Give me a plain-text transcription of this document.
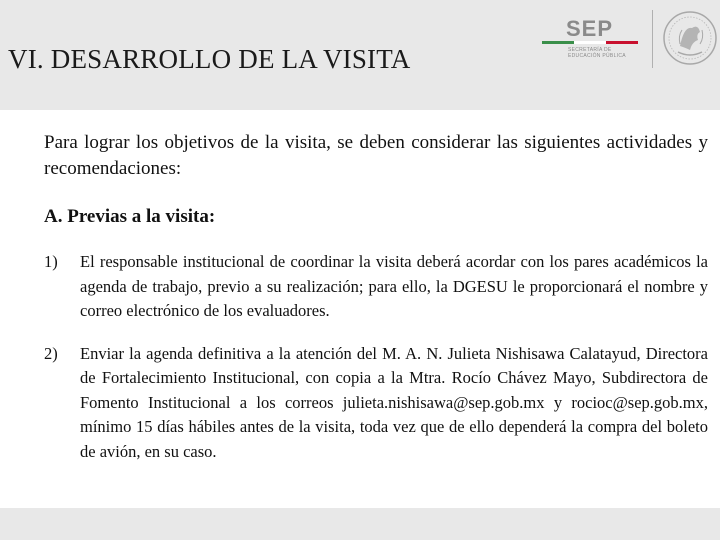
VI. DESARROLLO DE LA VISITA
SEP
SECRETARÍA DE
EDUCACIÓN PÚBLICA

Para lograr los objetivos de la visita, se deben considerar las siguientes actividades y recomendaciones:

A. Previas a la visita:

1) El responsable institucional de coordinar la visita deberá acordar con los pares académicos la agenda de trabajo, previo a su realización; para ello, la DGESU le proporcionará el nombre y correo electrónico de los evaluadores.
2) Enviar la agenda definitiva a la atención del M. A. N. Julieta Nishisawa Calatayud, Directora de Fortalecimiento Institucional, con copia a la Mtra. Rocío Chávez Mayo, Subdirectora de Fomento Institucional a los correos julieta.nishisawa@sep.gob.mx y rocioc@sep.gob.mx, mínimo 15 días hábiles antes de la visita, toda vez que de ello dependerá la compra del boleto de avión, en su caso.
